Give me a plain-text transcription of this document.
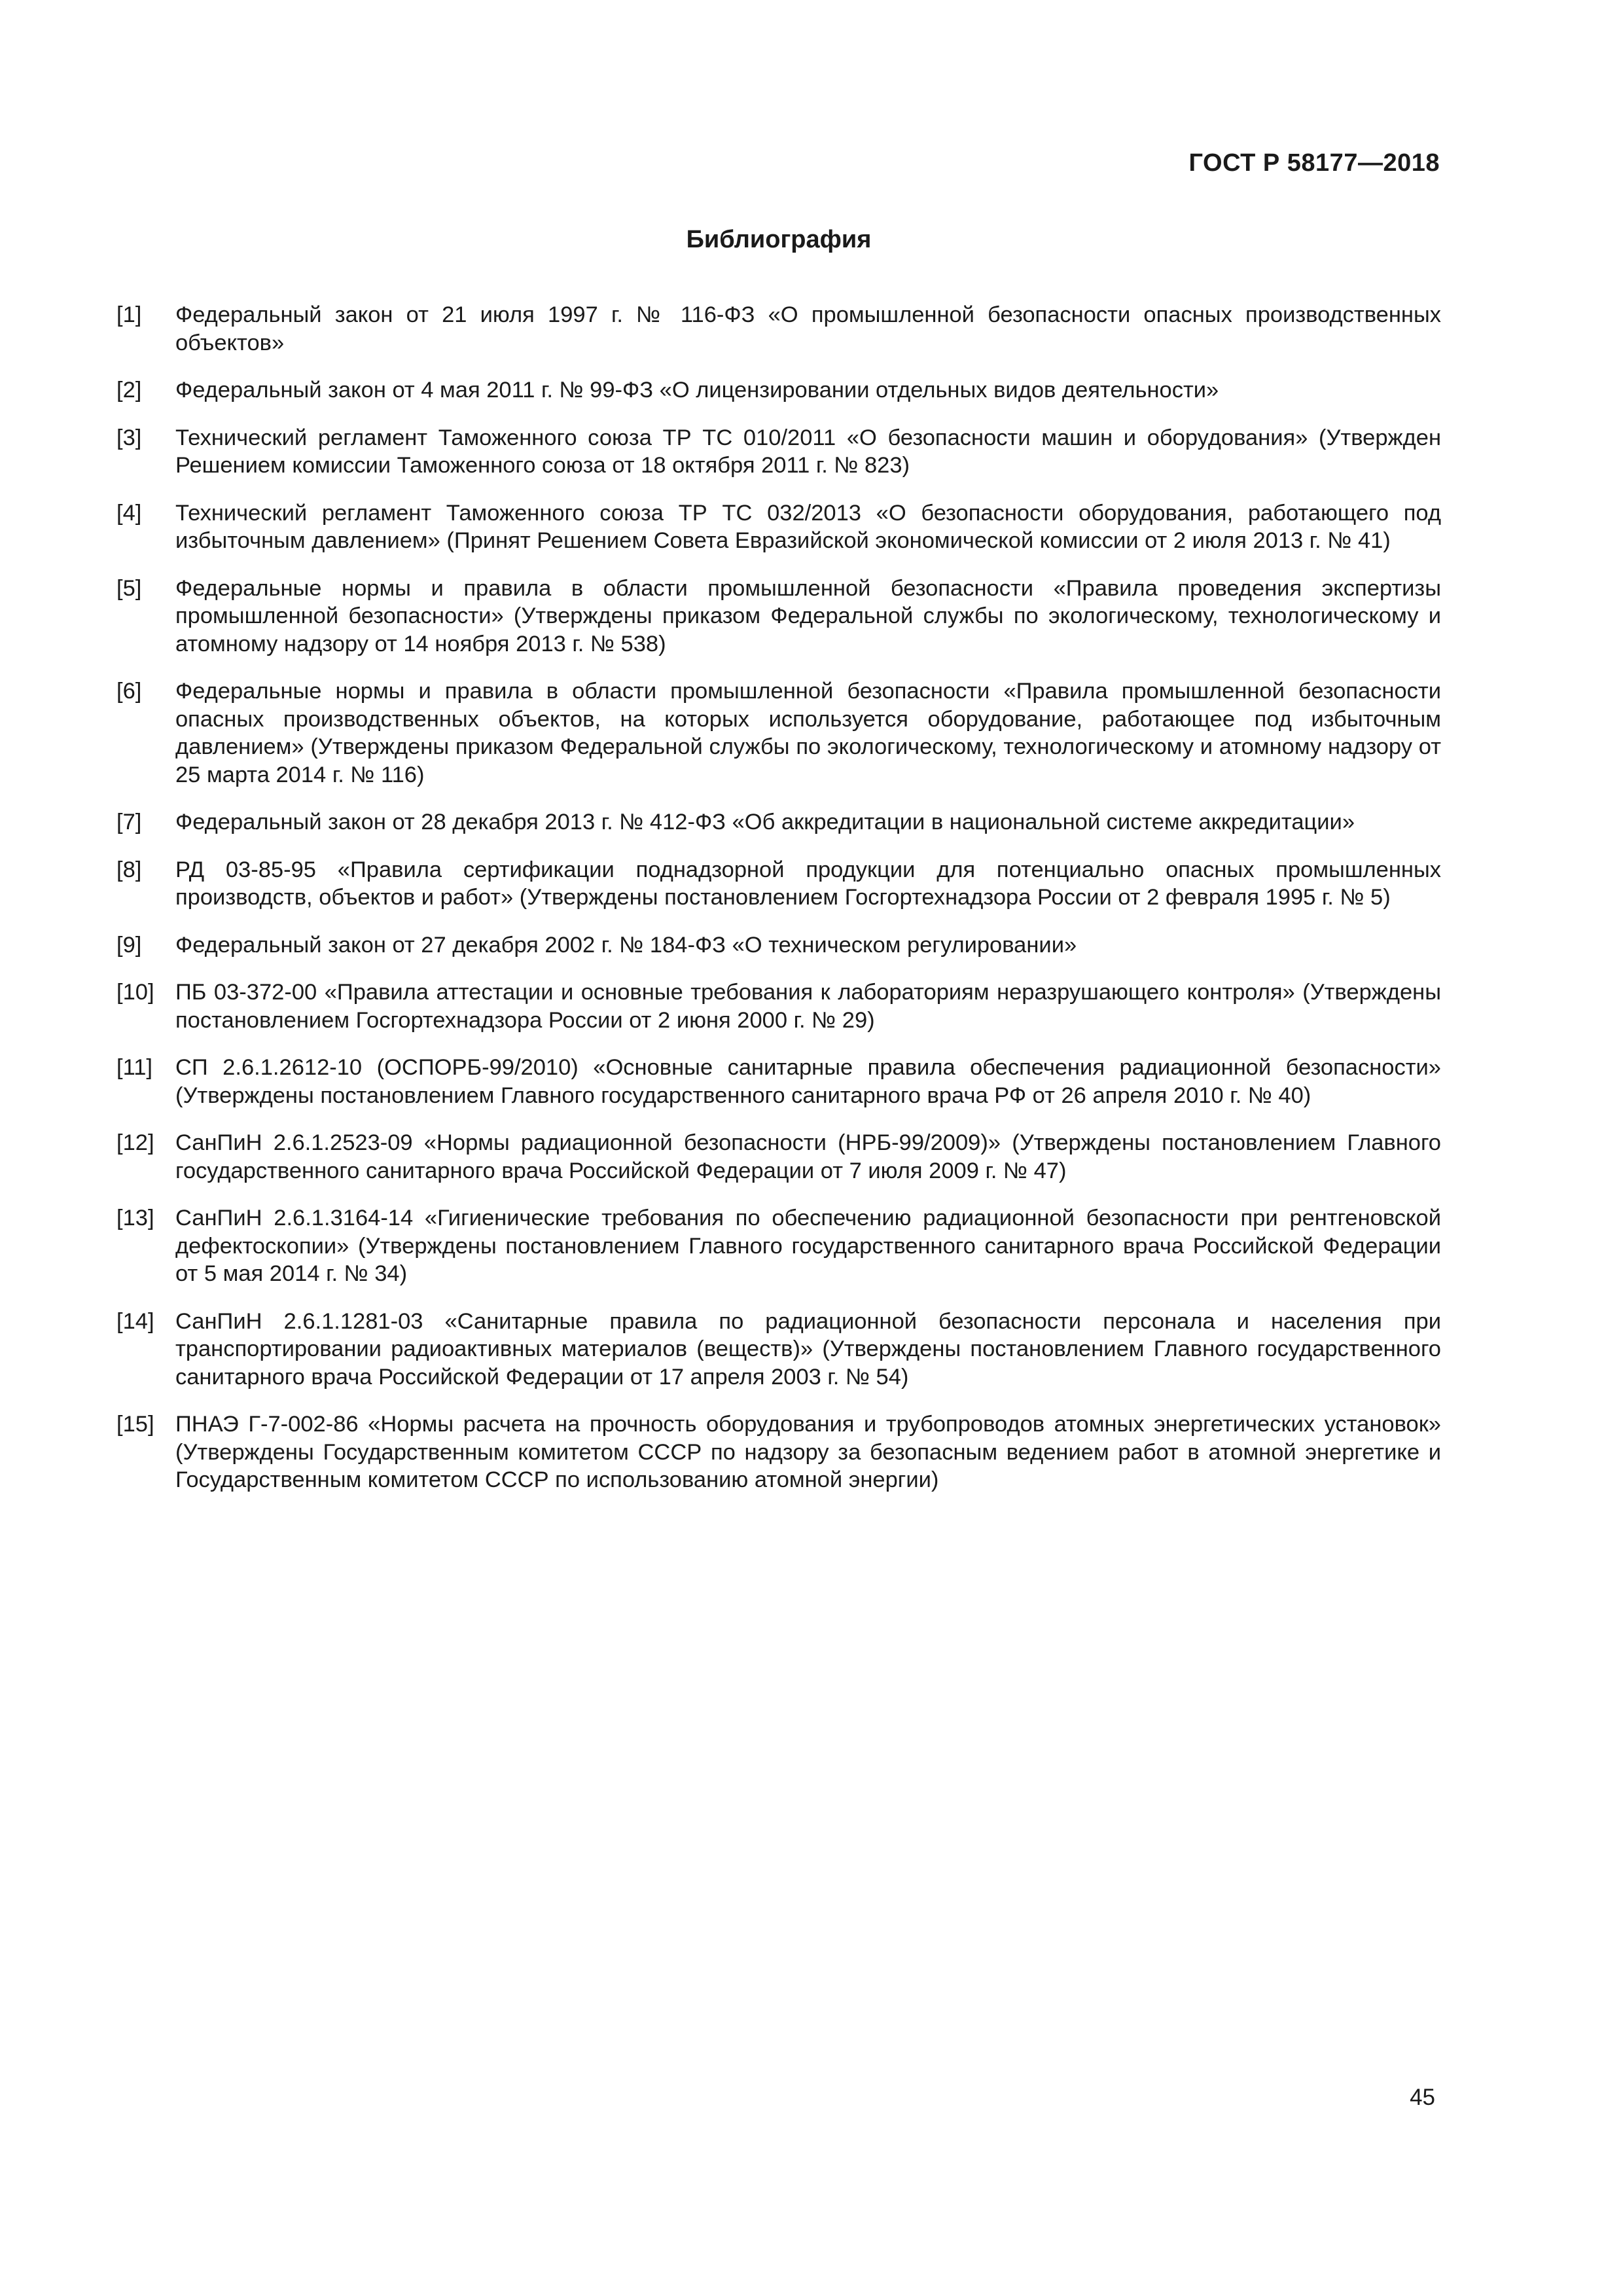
ГОСТ Р 58177—2018
Библиография
[1]	Федеральный закон от 21 июля 1997 г. № 116-ФЗ «О промышленной безопасности опасных производственных объектов»
[2]	Федеральный закон от 4 мая 2011 г. № 99-ФЗ «О лицензировании отдельных видов деятельности»
[3]	Технический регламент Таможенного союза ТР ТС 010/2011 «О безопасности машин и оборудования» (Утвержден Решением комиссии Таможенного союза от 18 октября 2011 г. № 823)
[4]	Технический регламент Таможенного союза ТР ТС 032/2013 «О безопасности оборудования, работающего под избыточным давлением» (Принят Решением Совета Евразийской экономической комиссии от 2 июля 2013 г. № 41)
[5]	Федеральные нормы и правила в области промышленной безопасности «Правила проведения экспертизы промышленной безопасности» (Утверждены приказом Федеральной службы по экологическому, технологическому и атомному надзору от 14 ноября 2013 г. № 538)
[6]	Федеральные нормы и правила в области промышленной безопасности «Правила промышленной безопасности опасных производственных объектов, на которых используется оборудование, работающее под избыточным давлением» (Утверждены приказом Федеральной службы по экологическому, технологическому и атомному надзору от 25 марта 2014 г. № 116)
[7]	Федеральный закон от 28 декабря 2013 г. № 412-ФЗ «Об аккредитации в национальной системе аккредитации»
[8]	РД 03-85-95 «Правила сертификации поднадзорной продукции для потенциально опасных промышленных производств, объектов и работ» (Утверждены постановлением Госгортехнадзора России от 2 февраля 1995 г. № 5)
[9]	Федеральный закон от 27 декабря 2002 г. № 184-ФЗ «О техническом регулировании»
[10] ПБ 03-372-00 «Правила аттестации и основные требования к лабораториям неразрушающего контроля» (Утверждены постановлением Госгортехнадзора России от 2 июня 2000 г. № 29)
[11]	СП 2.6.1.2612-10 (ОСПОРБ-99/2010) «Основные санитарные правила обеспечения радиационной безопасности» (Утверждены постановлением Главного государственного санитарного врача РФ от 26 апреля 2010 г. № 40)
[12] СанПиН 2.6.1.2523-09 «Нормы радиационной безопасности (НРБ-99/2009)» (Утверждены постановлением Главного государственного санитарного врача Российской Федерации от 7 июля 2009 г. № 47)
[13] СанПиН 2.6.1.3164-14 «Гигиенические требования по обеспечению радиационной безопасности при рентгеновской дефектоскопии» (Утверждены постановлением Главного государственного санитарного врача Российской Федерации от 5 мая 2014 г. № 34)
[14] СанПиН 2.6.1.1281-03 «Санитарные правила по радиационной безопасности персонала и населения при транспортировании радиоактивных материалов (веществ)» (Утверждены постановлением Главного государственного санитарного врача Российской Федерации от 17 апреля 2003 г. № 54)
[15] ПНАЭ Г-7-002-86 «Нормы расчета на прочность оборудования и трубопроводов атомных энергетических установок» (Утверждены Государственным комитетом СССР по надзору за безопасным ведением работ в атомной энергетике и Государственным комитетом СССР по использованию атомной энергии)
45
